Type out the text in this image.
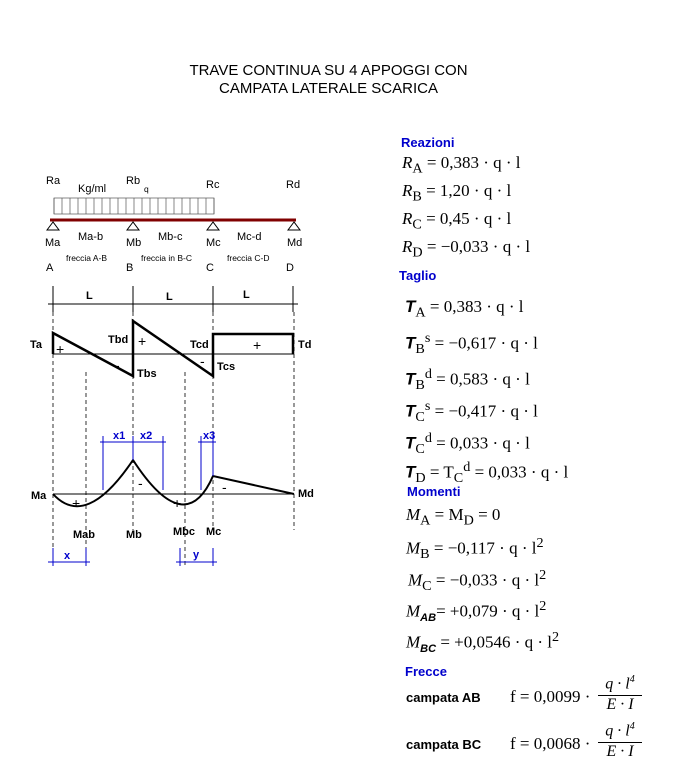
TRAVE CONTINUA SU 4 APPOGGI CON
CAMPATA LATERALE SCARICA
Ra	Rb	Rc	Rd
Kg/ml	q
Ma	Mb	Mc	Md
Ma-b	Mb-c	Mc-d
freccia A-B	freccia in B-C	freccia C-D
A	B	C	D
L	L	L
Ta	Tbd
Tbs
Tcd
Tcs
Td
+
-
+
-
+
Ma
Mab	Mb	Mbc Mc
Md
+
-
+
-
x1 x2	x3
x	y
Reazioni
$R_A = 0,383 \cdot q \cdot l$
$R_B = 1,20 \cdot q \cdot l$
$R_C = 0,45 \cdot q \cdot l$
$R_D = -0,033 \cdot q \cdot l$
Taglio
$T_A = 0,383 \cdot q \cdot l$
$T_B^s = -0,617 \cdot q \cdot l$
$T_B^d = 0,583 \cdot q \cdot l$
$T_C^s = -0,417 \cdot q \cdot l$
$T_C^d = 0,033 \cdot q \cdot l$
$T_D = T_C^d = 0,033 \cdot q \cdot l$
Momenti
$M_A = M_D = 0$
$M_B = -0,117 \cdot q \cdot l^2$
$M_C = -0,033 \cdot q \cdot l^2$
$M_{AB}= +0,079 \cdot q \cdot l^2$
$M_{BC} = +0,0546 \cdot q \cdot l^2$
Frecce
campata AB $f = 0,0099 \cdot \frac{q \cdot l^4}{E \cdot I}$
campata BC $f = 0,0068 \cdot \frac{q \cdot l^4}{E \cdot I}$
